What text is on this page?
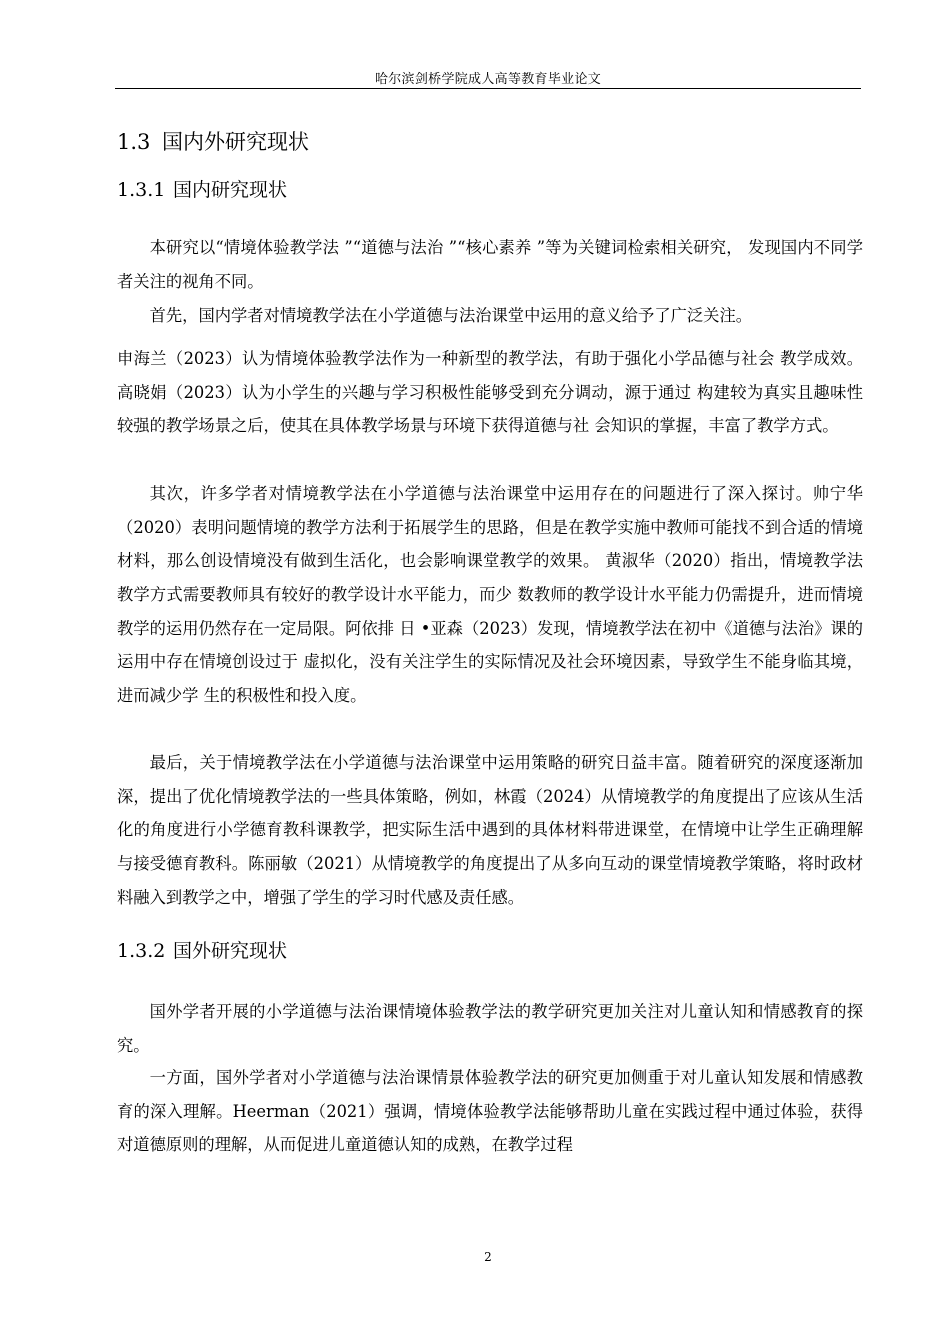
哈尔滨剑桥学院成人高等教育毕业论文
1.3 国内外研究现状
1.3.1 国内研究现状

本研究以“情境体验教学法 ”“道德与法治 ”“核心素养 ”等为关键词检索相关研究， 发现国内不同学者关注的视角不同。

首先，国内学者对情境教学法在小学道德与法治课堂中运用的意义给予了广泛关注。

申海兰（2023）认为情境体验教学法作为一种新型的教学法，有助于强化小学品德与社会 教学成效。高晓娟（2023）认为小学生的兴趣与学习积极性能够受到充分调动，源于通过 构建较为真实且趣味性较强的教学场景之后，使其在具体教学场景与环境下获得道德与社 会知识的掌握，丰富了教学方式。

其次，许多学者对情境教学法在小学道德与法治课堂中运用存在的问题进行了深入探讨。帅宁华（2020）表明问题情境的教学方法利于拓展学生的思路，但是在教学实施中教师可能找不到合适的情境材料，那么创设情境没有做到生活化，也会影响课堂教学的效果。 黄淑华（2020）指出，情境教学法教学方式需要教师具有较好的教学设计水平能力，而少 数教师的教学设计水平能力仍需提升，进而情境教学的运用仍然存在一定局限。阿依排 日 •亚森（2023）发现，情境教学法在初中《道德与法治》课的运用中存在情境创设过于 虚拟化，没有关注学生的实际情况及社会环境因素，导致学生不能身临其境，进而减少学 生的积极性和投入度。

最后，关于情境教学法在小学道德与法治课堂中运用策略的研究日益丰富。随着研究的深度逐渐加深，提出了优化情境教学法的一些具体策略，例如，林霞（2024）从情境教学的角度提出了应该从生活化的角度进行小学德育教科课教学，把实际生活中遇到的具体材料带进课堂，在情境中让学生正确理解与接受德育教科。陈丽敏（2021）从情境教学的角度提出了从多向互动的课堂情境教学策略，将时政材料融入到教学之中，增强了学生的学习时代感及责任感。

1.3.2 国外研究现状

国外学者开展的小学道德与法治课情境体验教学法的教学研究更加关注对儿童认知和情感教育的探究。

一方面，国外学者对小学道德与法治课情景体验教学法的研究更加侧重于对儿童认知发展和情感教育的深入理解。Heerman（2021）强调，情境体验教学法能够帮助儿童在实践过程中通过体验，获得对道德原则的理解，从而促进儿童道德认知的成熟，在教学过程

2
